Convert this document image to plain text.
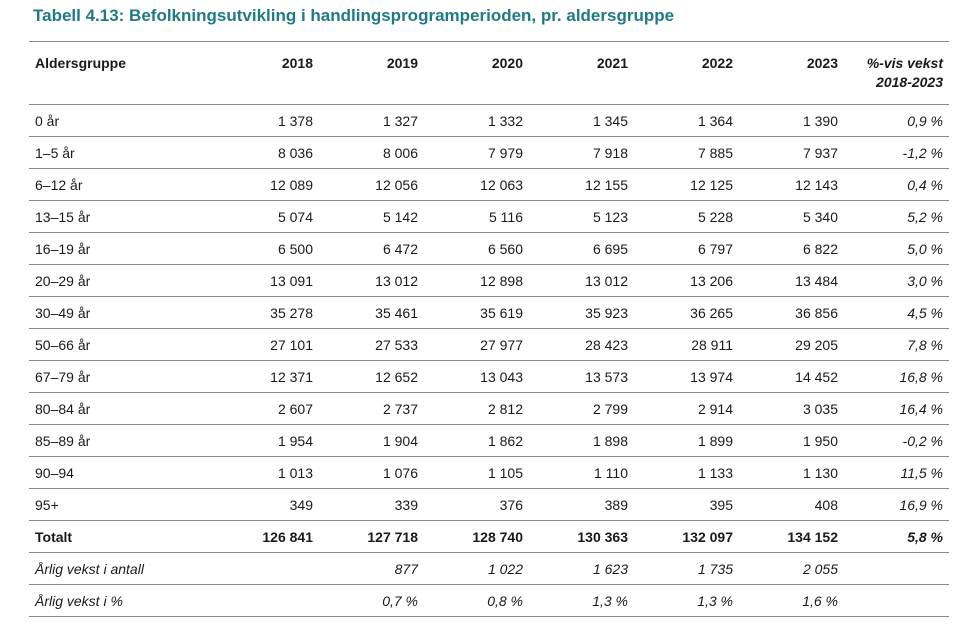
Tabell 4.13: Befolkningsutvikling i handlingsprogramperioden, pr. aldersgruppe
Aldersgruppe	2018	2019	2020	2021	2022	2023	%-vis vekst
2018-2023
0 år	1 378	1 327	1 332	1 345	1 364	1 390	0,9 %
1–5 år	8 036	8 006	7 979	7 918	7 885	7 937	-1,2 %
6–12 år	12 089	12 056	12 063	12 155	12 125	12 143	0,4 %
13–15 år	5 074	5 142	5 116	5 123	5 228	5 340	5,2 %
16–19 år	6 500	6 472	6 560	6 695	6 797	6 822	5,0 %
20–29 år	13 091	13 012	12 898	13 012	13 206	13 484	3,0 %
30–49 år	35 278	35 461	35 619	35 923	36 265	36 856	4,5 %
50–66 år	27 101	27 533	27 977	28 423	28 911	29 205	7,8 %
67–79 år	12 371	12 652	13 043	13 573	13 974	14 452	16,8 %
80–84 år	2 607	2 737	2 812	2 799	2 914	3 035	16,4 %
85–89 år	1 954	1 904	1 862	1 898	1 899	1 950	-0,2 %
90–94	1 013	1 076	1 105	1 110	1 133	1 130	11,5 %
95+	349	339	376	389	395	408	16,9 %
Totalt	126 841	127 718	128 740	130 363	132 097	134 152	5,8 %
Årlig vekst i antall		877	1 022	1 623	1 735	2 055	
Årlig vekst i %		0,7 %	0,8 %	1,3 %	1,3 %	1,6 %	
